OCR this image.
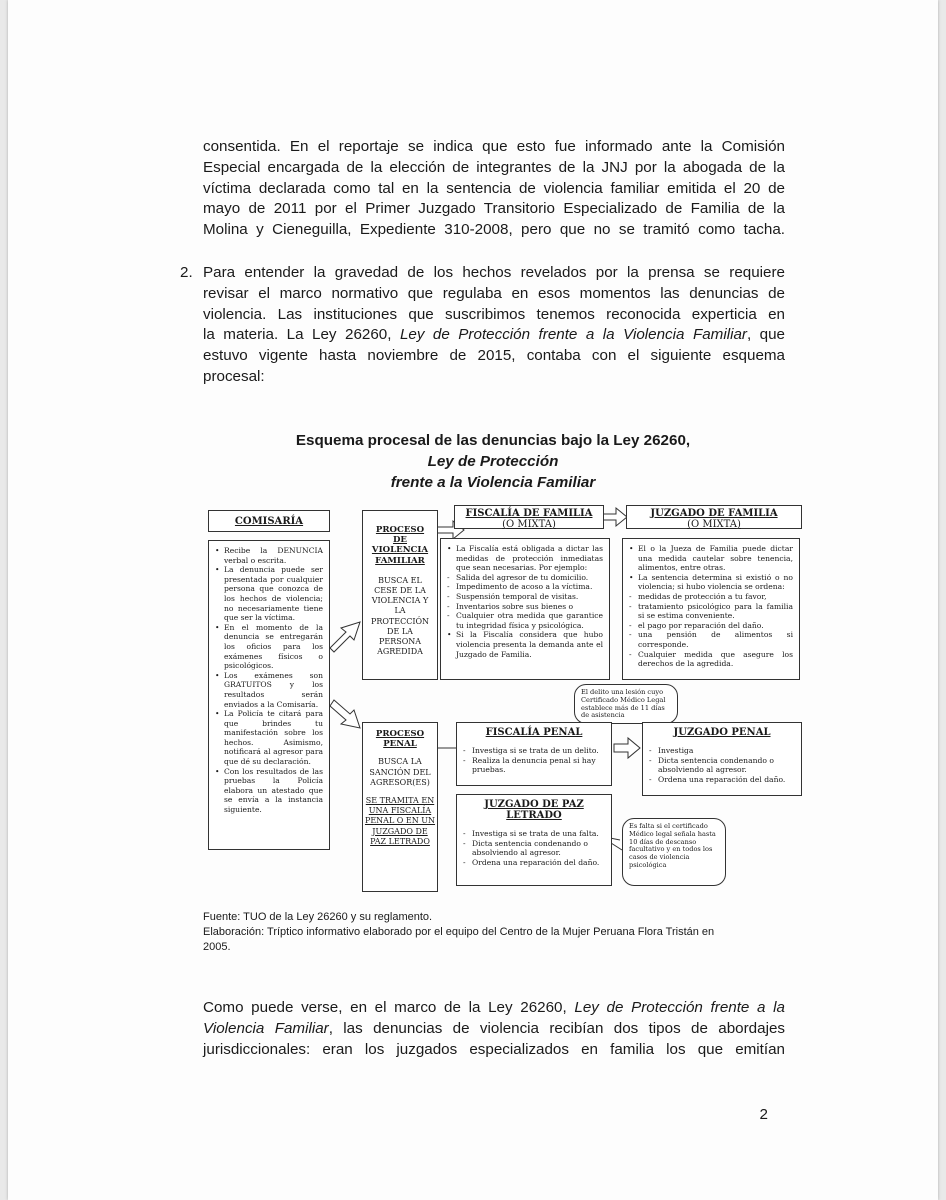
consentida. En el reportaje se indica que esto fue informado ante la Comisión
Especial encargada de la elección de integrantes de la JNJ por la abogada de la
víctima declarada como tal en la sentencia de violencia familiar emitida el 20 de
mayo de 2011 por el Primer Juzgado Transitorio Especializado de Familia de la
Molina y Cieneguilla, Expediente 310-2008, pero que no se tramitó como tacha.
2. Para entender la gravedad de los hechos revelados por la prensa se requiere
revisar el marco normativo que regulaba en esos momentos las denuncias de
violencia. Las instituciones que suscribimos tenemos reconocida experticia en
la materia. La Ley 26260, Ley de Protección frente a la Violencia Familiar, que
estuvo vigente hasta noviembre de 2015, contaba con el siguiente esquema
procesal:
Esquema procesal de las denuncias bajo la Ley 26260,
Ley de Protección
frente a la Violencia Familiar
COMISARÍA
• Recibe la DENUNCIA verbal o escrita.
• La denuncia puede ser presentada por cualquier persona que conozca de los hechos de violencia; no necesariamente tiene que ser la víctima.
• En el momento de la denuncia se entregarán los oficios para los exámenes físicos o psicológicos.
• Los exámenes son GRATUITOS y los resultados serán enviados a la Comisaría.
• La Policía te citará para que brindes tu manifestación sobre los hechos. Asimismo, notificará al agresor para que dé su declaración.
• Con los resultados de las pruebas la Policía elabora un atestado que se envía a la instancia siguiente.
PROCESO
DE
VIOLENCIA
FAMILIAR
BUSCA EL
CESE DE LA
VIOLENCIA Y
LA
PROTECCIÓN
DE LA
PERSONA
AGREDIDA
PROCESO
PENAL
BUSCA LA
SANCIÓN DEL
AGRESOR(ES)
SE TRAMITA EN
UNA FISCALÍA
PENAL O EN UN
JUZGADO DE
PAZ LETRADO
FISCALÍA DE FAMILIA
(O MIXTA)
• La Fiscalía está obligada a dictar las medidas de protección inmediatas que sean necesarias. Por ejemplo:
- Salida del agresor de tu domicilio.
- Impedimento de acoso a la víctima.
- Suspensión temporal de visitas.
- Inventarios sobre sus bienes o
- Cualquier otra medida que garantice tu integridad física y psicológica.
• Si la Fiscalía considera que hubo violencia presenta la demanda ante el Juzgado de Familia.
JUZGADO DE FAMILIA
(O MIXTA)
• El o la Jueza de Familia puede dictar una medida cautelar sobre tenencia, alimentos, entre otras.
• La sentencia determina si existió o no violencia; si hubo violencia se ordena:
- medidas de protección a tu favor,
- tratamiento psicológico para la familia si se estima conveniente.
- el pago por reparación del daño.
- una pensión de alimentos si corresponde.
- Cualquier medida que asegure los derechos de la agredida.
El delito una lesión cuyo Certificado Médico Legal establece más de 11 días de asistencia
FISCALÍA PENAL
- Investiga si se trata de un delito.
- Realiza la denuncia penal si hay pruebas.
JUZGADO PENAL
- Investiga
- Dicta sentencia condenando o absolviendo al agresor.
- Ordena una reparación del daño.
JUZGADO DE PAZ
LETRADO
- Investiga si se trata de una falta.
- Dicta sentencia condenando o absolviendo al agresor.
- Ordena una reparación del daño.
Es falta si el certificado Médico legal señala hasta 10 días de descanso facultativo y en todos los casos de violencia psicológica
Fuente: TUO de la Ley 26260 y su reglamento.
Elaboración: Tríptico informativo elaborado por el equipo del Centro de la Mujer Peruana Flora Tristán en
2005.
Como puede verse, en el marco de la Ley 26260, Ley de Protección frente a la
Violencia Familiar, las denuncias de violencia recibían dos tipos de abordajes
jurisdiccionales: eran los juzgados especializados en familia los que emitían
2
